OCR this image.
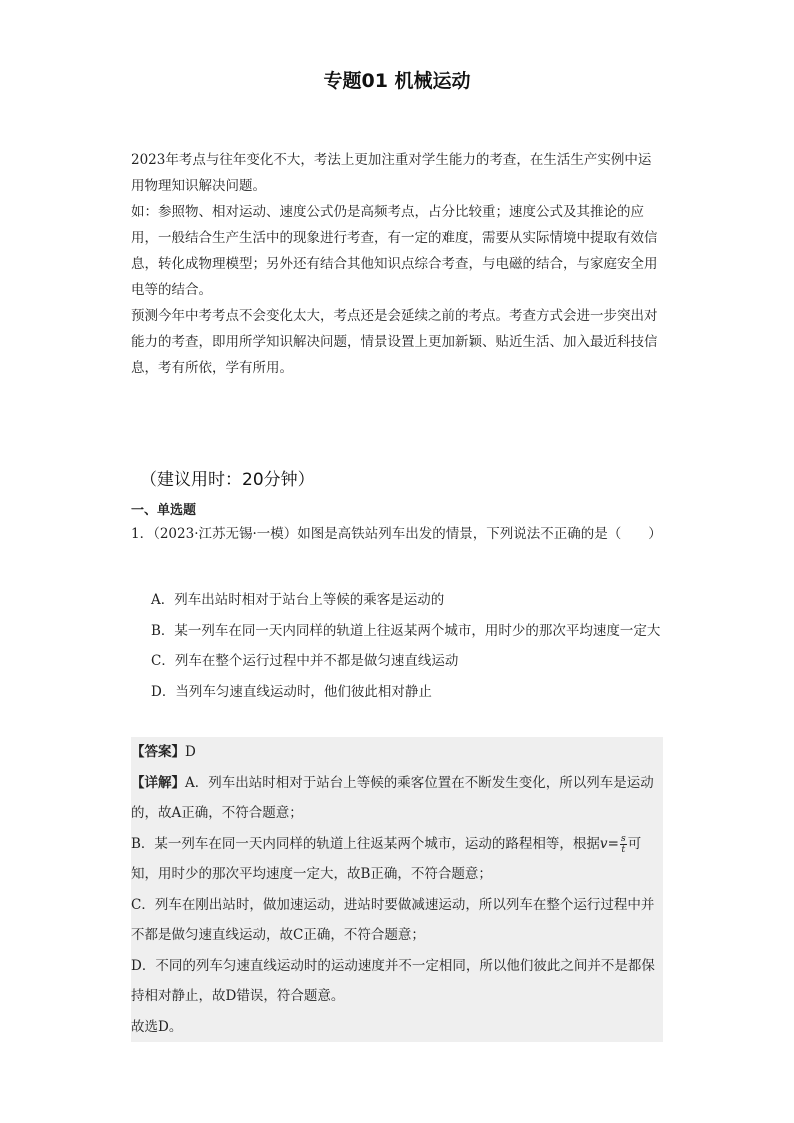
专题01 机械运动

2023年考点与往年变化不大，考法上更加注重对学生能力的考查，在生活生产实例中运用物理知识解决问题。

如：参照物、相对运动、速度公式仍是高频考点，占分比较重；速度公式及其推论的应用，一般结合生产生活中的现象进行考查，有一定的难度，需要从实际情境中提取有效信息，转化成物理模型；另外还有结合其他知识点综合考查，与电磁的结合，与家庭安全用电等的结合。

预测今年中考考点不会变化太大，考点还是会延续之前的考点。考查方式会进一步突出对能力的考查，即用所学知识解决问题，情景设置上更加新颖、贴近生活、加入最近科技信息，考有所依，学有所用。

（建议用时：20分钟）
一、单选题
1．（2023·江苏无锡·一模）如图是高铁站列车出发的情景，下列说法不正确的是（　　）
A．列车出站时相对于站台上等候的乘客是运动的
B．某一列车在同一天内同样的轨道上往返某两个城市，用时少的那次平均速度一定大
C．列车在整个运行过程中并不都是做匀速直线运动
D．当列车匀速直线运动时，他们彼此相对静止

【答案】D

【详解】A．列车出站时相对于站台上等候的乘客位置在不断发生变化，所以列车是运动的，故A正确，不符合题意；

B．某一列车在同一天内同样的轨道上往返某两个城市，运动的路程相等，根据$v= \frac{s}{t}$ 可知，用时少的那次平均速度一定大，故B正确，不符合题意；

C．列车在刚出站时，做加速运动，进站时要做减速运动，所以列车在整个运行过程中并不都是做匀速直线运动，故C正确，不符合题意；

D．不同的列车匀速直线运动时的运动速度并不一定相同，所以他们彼此之间并不是都保持相对静止，故D错误，符合题意。

故选D。
